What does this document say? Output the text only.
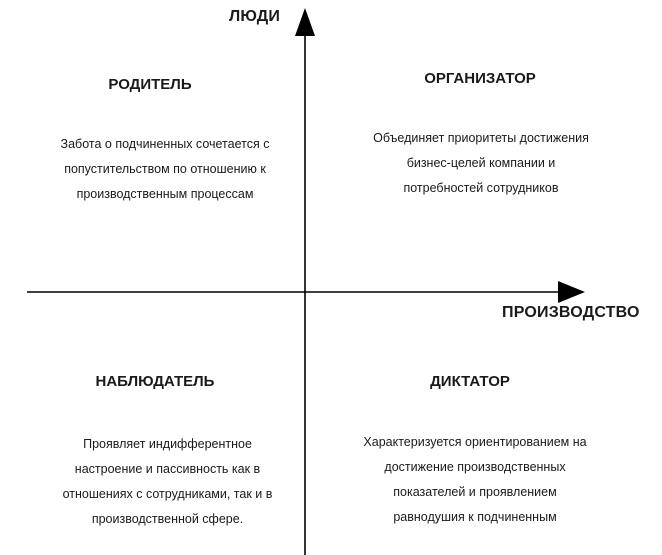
ЛЮДИ
ПРОИЗВОДСТВО
РОДИТЕЛЬ
Забота о подчиненных сочетается с
попустительством по отношению к
производственным процессам
ОРГАНИЗАТОР
Объединяет приоритеты достижения
бизнес-целей компании и
потребностей сотрудников
НАБЛЮДАТЕЛЬ
Проявляет индифферентное
настроение и пассивность как в
отношениях с сотрудниками, так и в
производственной сфере.
ДИКТАТОР
Характеризуется ориентированием на
достижение производственных
показателей и проявлением
равнодушия к подчиненным
